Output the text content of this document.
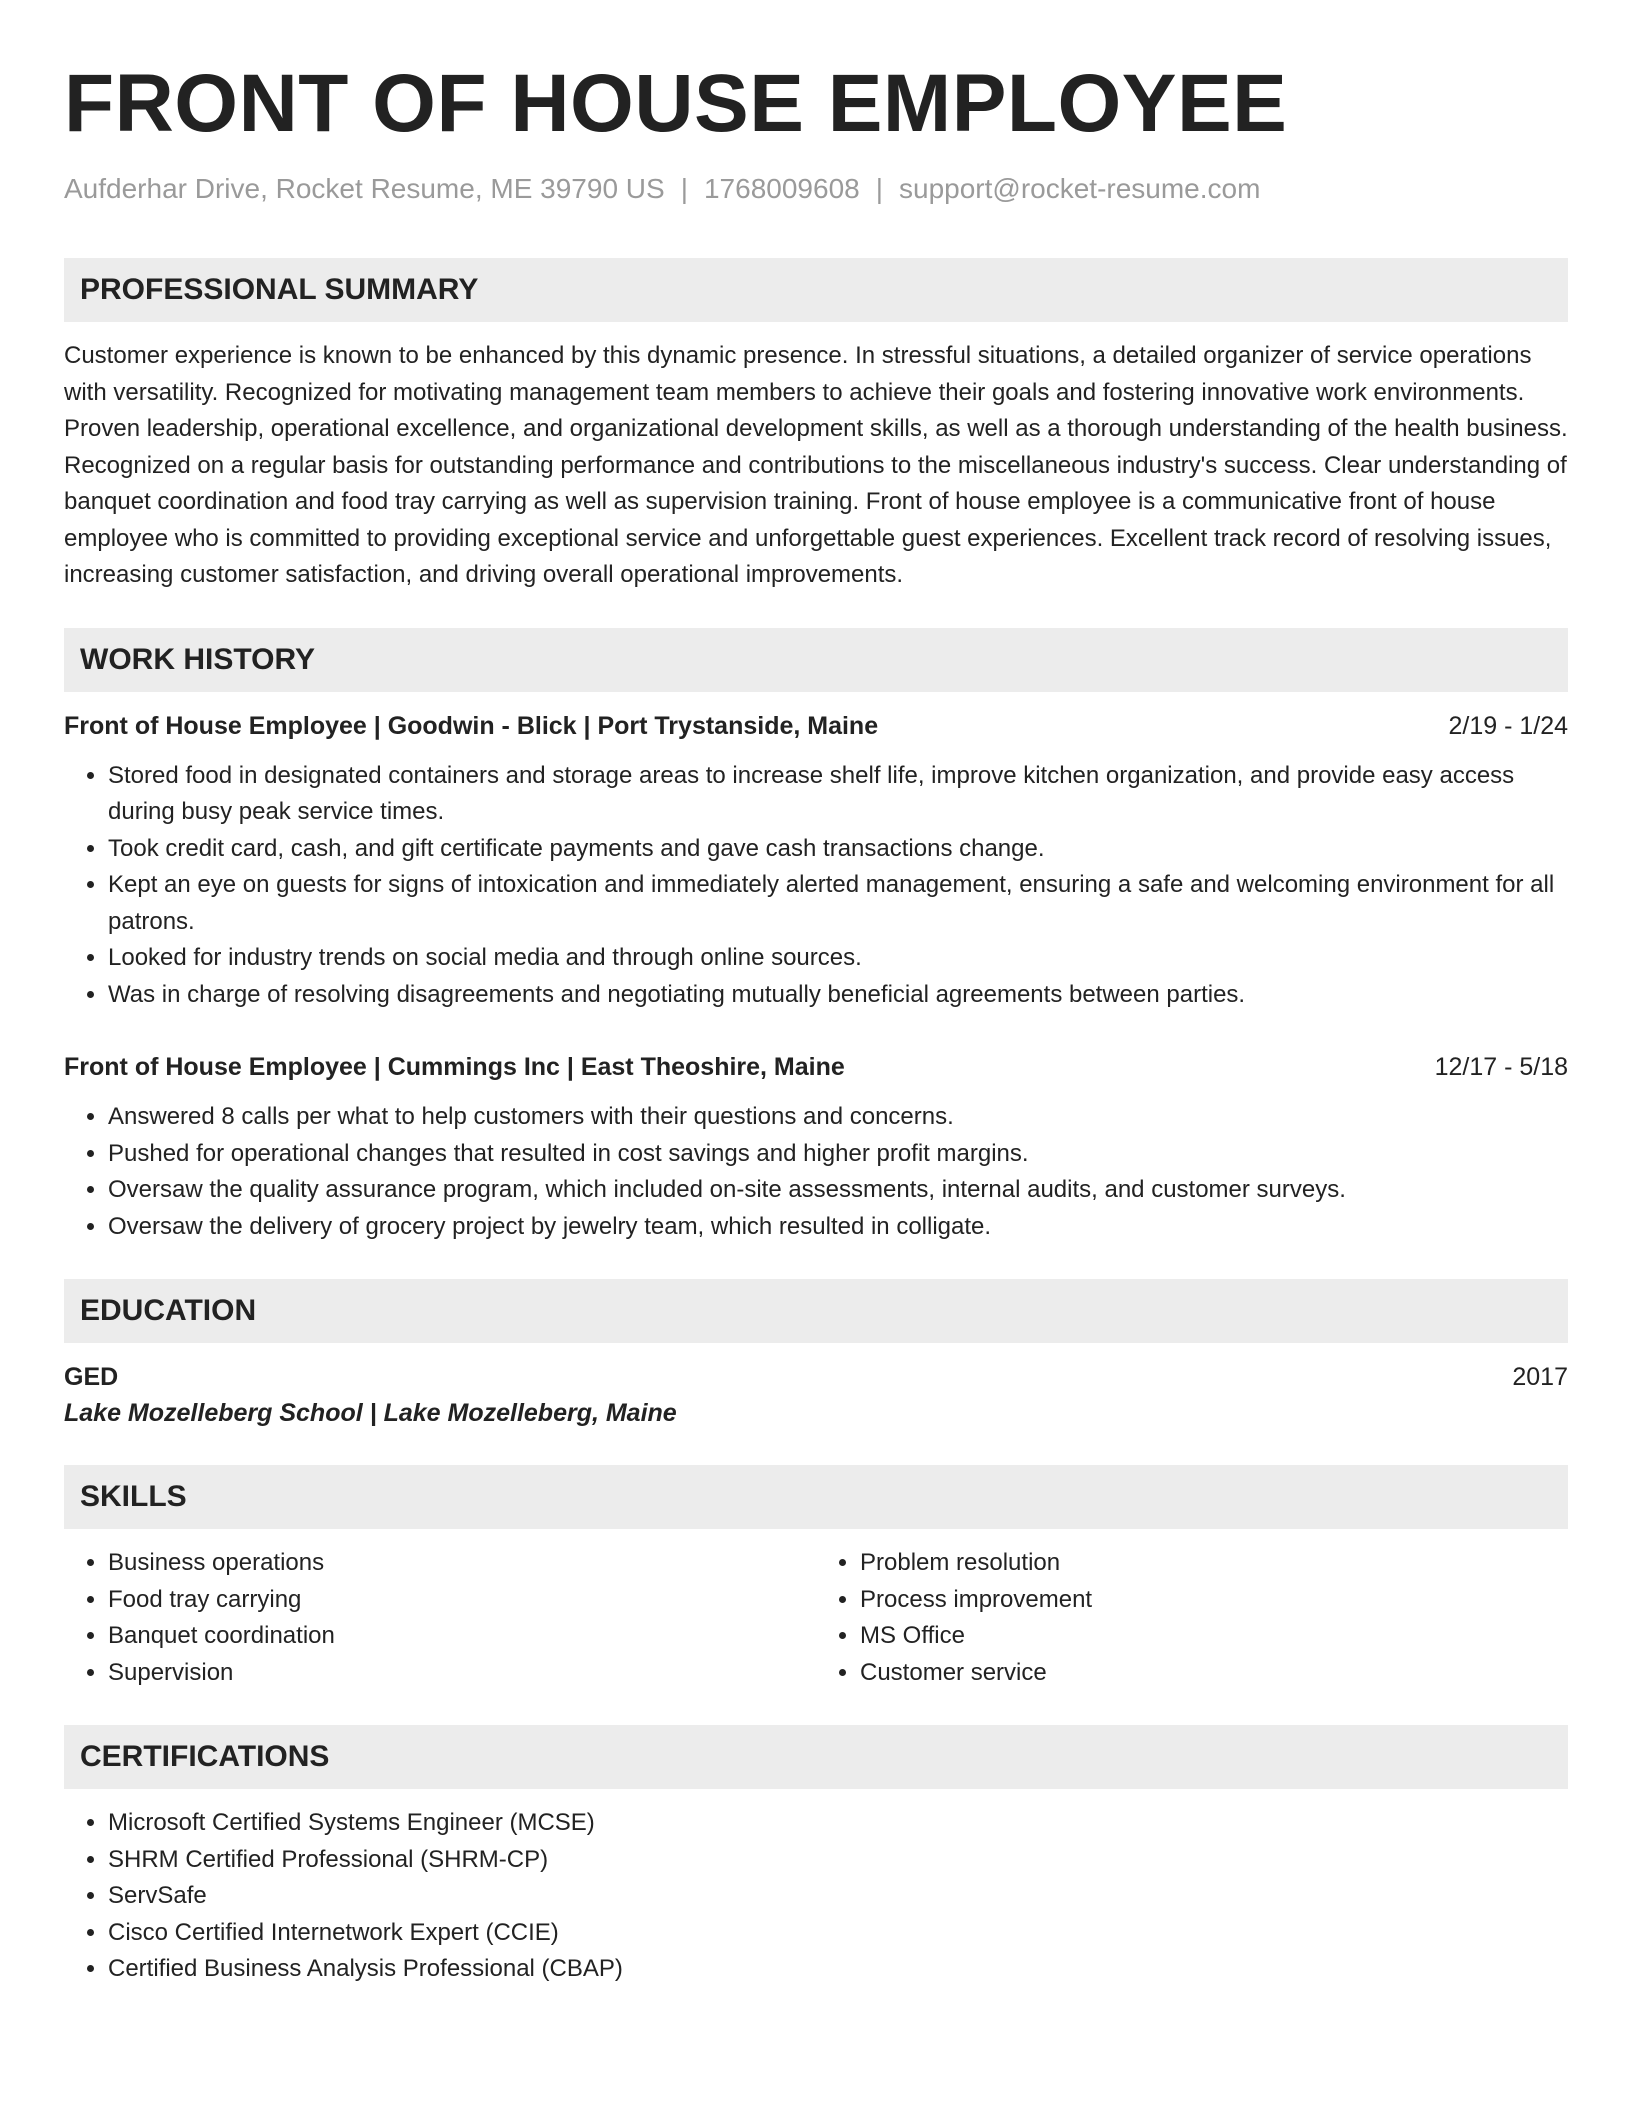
FRONT OF HOUSE EMPLOYEE
Aufderhar Drive, Rocket Resume, ME 39790 US | 1768009608 | support@rocket-resume.com
PROFESSIONAL SUMMARY
Customer experience is known to be enhanced by this dynamic presence. In stressful situations, a detailed organizer of service operations with versatility. Recognized for motivating management team members to achieve their goals and fostering innovative work environments. Proven leadership, operational excellence, and organizational development skills, as well as a thorough understanding of the health business. Recognized on a regular basis for outstanding performance and contributions to the miscellaneous industry's success. Clear understanding of banquet coordination and food tray carrying as well as supervision training. Front of house employee is a communicative front of house employee who is committed to providing exceptional service and unforgettable guest experiences. Excellent track record of resolving issues, increasing customer satisfaction, and driving overall operational improvements.
WORK HISTORY
Front of House Employee | Goodwin - Blick | Port Trystanside, Maine	2/19 - 1/24
• Stored food in designated containers and storage areas to increase shelf life, improve kitchen organization, and provide easy access during busy peak service times.
• Took credit card, cash, and gift certificate payments and gave cash transactions change.
• Kept an eye on guests for signs of intoxication and immediately alerted management, ensuring a safe and welcoming environment for all patrons.
• Looked for industry trends on social media and through online sources.
• Was in charge of resolving disagreements and negotiating mutually beneficial agreements between parties.
Front of House Employee | Cummings Inc | East Theoshire, Maine	12/17 - 5/18
• Answered 8 calls per what to help customers with their questions and concerns.
• Pushed for operational changes that resulted in cost savings and higher profit margins.
• Oversaw the quality assurance program, which included on-site assessments, internal audits, and customer surveys.
• Oversaw the delivery of grocery project by jewelry team, which resulted in colligate.
EDUCATION
GED	2017
Lake Mozelleberg School | Lake Mozelleberg, Maine
SKILLS
• Business operations
• Food tray carrying
• Banquet coordination
• Supervision
• Problem resolution
• Process improvement
• MS Office
• Customer service
CERTIFICATIONS
• Microsoft Certified Systems Engineer (MCSE)
• SHRM Certified Professional (SHRM-CP)
• ServSafe
• Cisco Certified Internetwork Expert (CCIE)
• Certified Business Analysis Professional (CBAP)
